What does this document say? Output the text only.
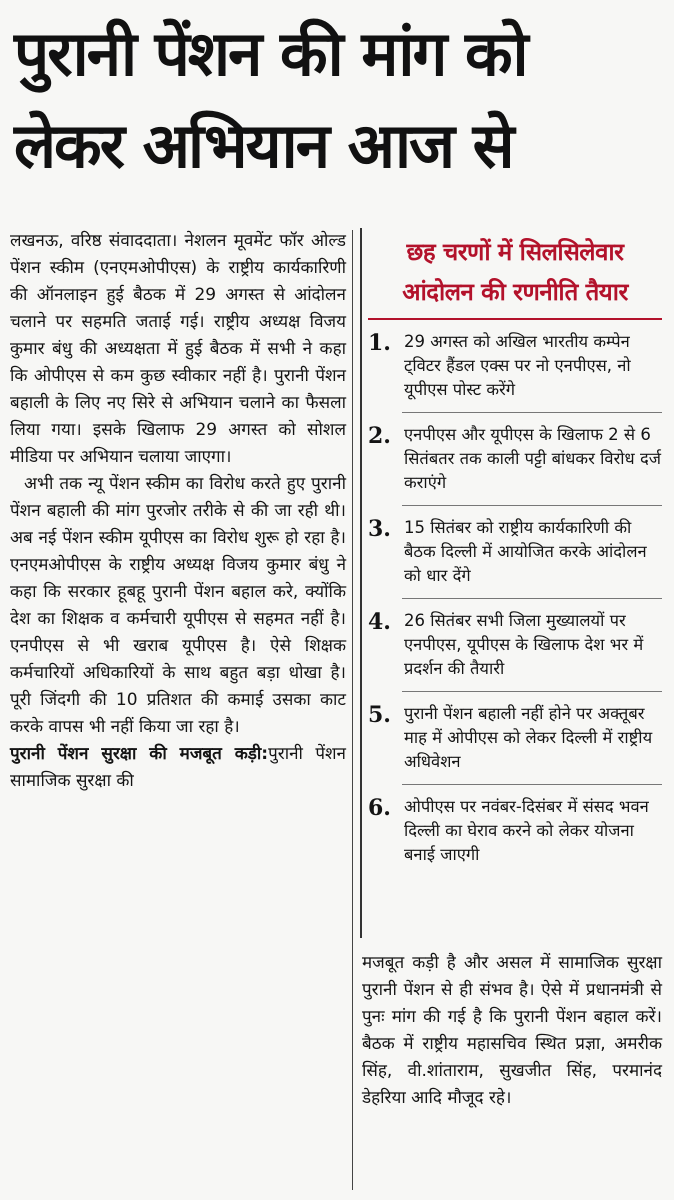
पुरानी पेंशन की मांग को
लेकर अभियान आज से

लखनऊ, वरिष्ठ संवाददाता। नेशलन मूवमेंट फॉर ओल्ड पेंशन स्कीम (एनएमओपीएस) के राष्ट्रीय कार्यकारिणी की ऑनलाइन हुई बैठक में 29 अगस्त से आंदोलन चलाने पर सहमति जताई गई। राष्ट्रीय अध्यक्ष विजय कुमार बंधु की अध्यक्षता में हुई बैठक में सभी ने कहा कि ओपीएस से कम कुछ स्वीकार नहीं है। पुरानी पेंशन बहाली के लिए नए सिरे से अभियान चलाने का फैसला लिया गया। इसके खिलाफ 29 अगस्त को सोशल मीडिया पर अभियान चलाया जाएगा।

अभी तक न्यू पेंशन स्कीम का विरोध करते हुए पुरानी पेंशन बहाली की मांग पुरजोर तरीके से की जा रही थी। अब नई पेंशन स्कीम यूपीएस का विरोध शुरू हो रहा है। एनएमओपीएस के राष्ट्रीय अध्यक्ष विजय कुमार बंधु ने कहा कि सरकार हूबहू पुरानी पेंशन बहाल करे, क्योंकि देश का शिक्षक व कर्मचारी यूपीएस से सहमत नहीं है। एनपीएस से भी खराब यूपीएस है। ऐसे शिक्षक कर्मचारियों अधिकारियों के साथ बहुत बड़ा धोखा है। पूरी जिंदगी की 10 प्रतिशत की कमाई उसका काट करके वापस भी नहीं किया जा रहा है।

पुरानी पेंशन सुरक्षा की मजबूत कड़ी:पुरानी पेंशन सामाजिक सुरक्षा की

छह चरणों में सिलसिलेवार
आंदोलन की रणनीति तैयार
1. 29 अगस्त को अखिल भारतीय कम्पेन ट्विटर हैंडल एक्स पर नो एनपीएस, नो यूपीएस पोस्ट करेंगे
2. एनपीएस और यूपीएस के खिलाफ 2 से 6 सितंबतर तक काली पट्टी बांधकर विरोध दर्ज कराएंगे
3. 15 सितंबर को राष्ट्रीय कार्यकारिणी की बैठक दिल्ली में आयोजित करके आंदोलन को धार देंगे
4. 26 सितंबर सभी जिला मुख्यालयों पर एनपीएस, यूपीएस के खिलाफ देश भर में प्रदर्शन की तैयारी
5. पुरानी पेंशन बहाली नहीं होने पर अक्तूबर माह में ओपीएस को लेकर दिल्ली में राष्ट्रीय अधिवेशन
6. ओपीएस पर नवंबर-दिसंबर में संसद भवन दिल्ली का घेराव करने को लेकर योजना बनाई जाएगी

मजबूत कड़ी है और असल में सामाजिक सुरक्षा पुरानी पेंशन से ही संभव है। ऐसे में प्रधानमंत्री से पुनः मांग की गई है कि पुरानी पेंशन बहाल करें। बैठक में राष्ट्रीय महासचिव स्थित प्रज्ञा, अमरीक सिंह, वी.शांताराम, सुखजीत सिंह, परमानंद डेहरिया आदि मौजूद रहे।
